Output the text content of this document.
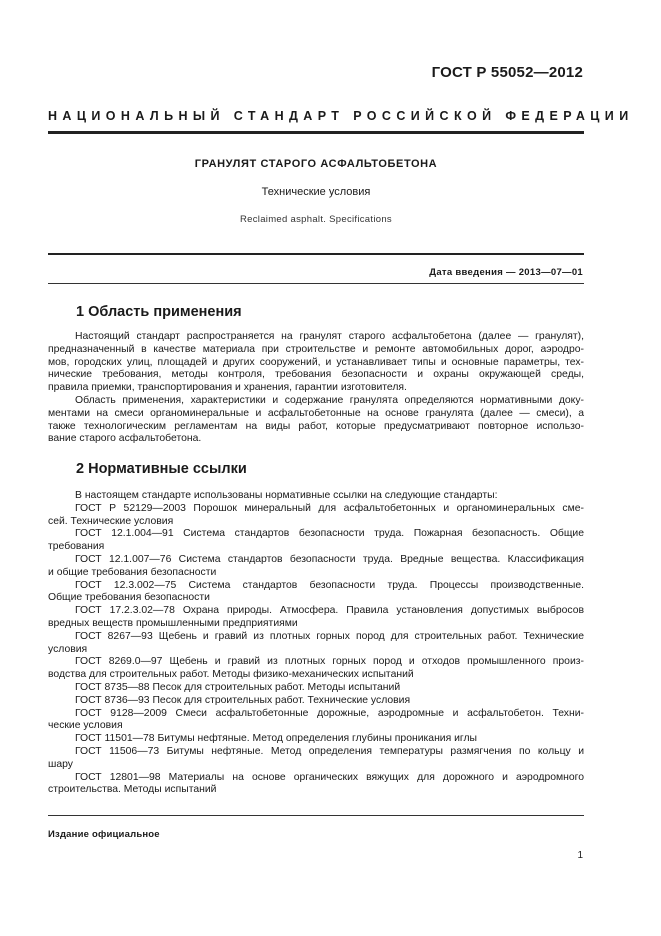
ГОСТ Р 55052—2012
НАЦИОНАЛЬНЫЙ СТАНДАРТ РОССИЙСКОЙ ФЕДЕРАЦИИ
ГРАНУЛЯТ СТАРОГО АСФАЛЬТОБЕТОНА
Технические условия
Reclaimed asphalt. Specifications
Дата введения — 2013—07—01
1 Область применения
Настоящий стандарт распространяется на гранулят старого асфальтобетона (далее — гранулят),
предназначенный в качестве материала при строительстве и ремонте автомобильных дорог, аэродро-
мов, городских улиц, площадей и других сооружений, и устанавливает типы и основные параметры, тех-
нические требования, методы контроля, требования безопасности и охраны окружающей среды,
правила приемки, транспортирования и хранения, гарантии изготовителя.
Область применения, характеристики и содержание гранулята определяются нормативными доку-
ментами на смеси органоминеральные и асфальтобетонные на основе гранулята (далее — смеси), а
также технологическим регламентам на виды работ, которые предусматривают повторное использо-
вание старого асфальтобетона.
2 Нормативные ссылки
В настоящем стандарте использованы нормативные ссылки на следующие стандарты:
ГОСТ Р 52129—2003 Порошок минеральный для асфальтобетонных и органоминеральных сме-
сей. Технические условия
ГОСТ 12.1.004—91 Система стандартов безопасности труда. Пожарная безопасность. Общие
требования
ГОСТ 12.1.007—76 Система стандартов безопасности труда. Вредные вещества. Классификация
и общие требования безопасности
ГОСТ 12.3.002—75 Система стандартов безопасности труда. Процессы производственные.
Общие требования безопасности
ГОСТ 17.2.3.02—78 Охрана природы. Атмосфера. Правила установления допустимых выбросов
вредных веществ промышленными предприятиями
ГОСТ 8267—93 Щебень и гравий из плотных горных пород для строительных работ. Технические
условия
ГОСТ 8269.0—97 Щебень и гравий из плотных горных пород и отходов промышленного произ-
водства для строительных работ. Методы физико-механических испытаний
ГОСТ 8735—88 Песок для строительных работ. Методы испытаний
ГОСТ 8736—93 Песок для строительных работ. Технические условия
ГОСТ 9128—2009 Смеси асфальтобетонные дорожные, аэродромные и асфальтобетон. Техни-
ческие условия
ГОСТ 11501—78 Битумы нефтяные. Метод определения глубины проникания иглы
ГОСТ 11506—73 Битумы нефтяные. Метод определения температуры размягчения по кольцу и
шару
ГОСТ 12801—98 Материалы на основе органических вяжущих для дорожного и аэродромного
строительства. Методы испытаний
Издание официальное
1
